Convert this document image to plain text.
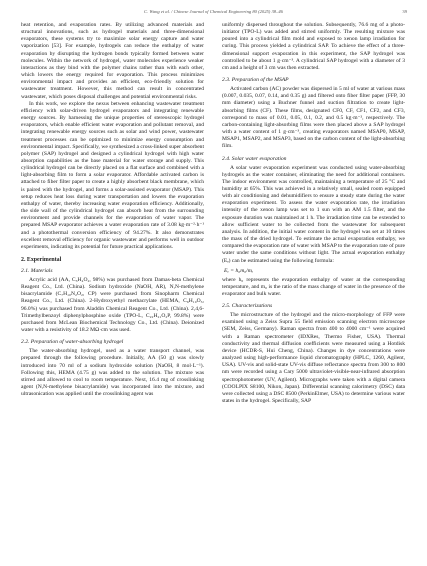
C. Wang et al. / Chinese Journal of Chemical Engineering 80 (2025) 38–46	39

heat retention, and evaporation rates. By utilizing advanced materials and structural innovations, such as hydrogel materials and three-dimensional evaporators, these systems try to maximize solar energy capture and water vaporization [53]. For example, hydrogels can reduce the enthalpy of water evaporation by disrupting the hydrogen bonds typically formed between water molecules. Within the network of hydrogel, water molecules experience weaker interactions as they bind with the polymer chains rather than with each other, which lowers the energy required for evaporation. This process minimizes environmental impact and provides an efficient, eco-friendly solution for wastewater treatment. However, this method can result in concentrated wastewater, which poses disposal challenges and potential environmental risks.

In this work, we explore the nexus between enhancing wastewater treatment efficiency with solar-driven hydrogel evaporators and integrating renewable energy sources. By harnessing the unique properties of stereoscopic hydrogel evaporators, which enable efficient water evaporation and pollutant removal, and integrating renewable energy sources such as solar and wind power, wastewater treatment processes can be optimized to minimize energy consumption and environmental impact. Specifically, we synthesized a cross-linked super absorbent polymer (SAP) hydrogel and designed a cylindrical hydrogel with high water absorption capabilities as the base material for water storage and supply. This cylindrical hydrogel can be directly placed on a flat surface and combined with a light-absorbing film to form a solar evaporator. Affordable activated carbon is attached to fiber filter paper to create a highly absorbent black membrane, which is paired with the hydrogel, and forms a solar-assisted evaporator (MSAP). This setup reduces heat loss during water transportation and lowers the evaporation enthalpy of water, thereby increasing water evaporation efficiency. Additionally, the side wall of the cylindrical hydrogel can absorb heat from the surrounding environment and provide channels for the evaporation of water vapor. The prepared MSAP evaporator achieves a water evaporation rate of 3.08 kg·m⁻²·h⁻¹ and a photothermal conversion efficiency of 94.27%. It also demonstrates excellent removal efficiency for organic wastewater and performs well in outdoor experiments, indicating its potential for future practical applications.

2. Experimental
2.1. Materials

Acrylic acid (AA, C₃H₄O₂, 98%) was purchased from Damas-beta Chemical Reagent Co., Ltd. (China). Sodium hydroxide (NaOH, AR), N,N-methylene bisacrylamide (C₇H₁₀N₂O₂, CP) were purchased from Sinopharm Chemical Reagent Co., Ltd. (China). 2-Hydroxyethyl methacrylate (HEMA, C₆H₁₀O₃, 96.0%) was purchased from Aladdin Chemical Reagent Co., Ltd. (China). 2,4,6-Trimethylbenzoyl diphenylphosphine oxide (TPO-L, C₂₂H₂₁O₂P, 99.8%) were purchased from McLean Biochemical Technology Co., Ltd. (China). Deionized water with a resistivity of 18.2 MΩ·cm was used.

2.2. Preparation of water-absorbing hydrogel

The water-absorbing hydrogel, used as a water transport channel, was prepared through the following procedure. Initially, AA (50 g) was slowly introduced into 70 ml of a sodium hydroxide solution (NaOH, 8 mol·L⁻¹). Following this, HEMA (4.75 g) was added to the solution. The mixture was stirred and allowed to cool to room temperature. Next, 16.4 mg of crosslinking agent (N,N-methylene bisacrylamide) was incorporated into the mixture, and ultrasonication was applied until the crosslinking agent was

uniformly dispersed throughout the solution. Subsequently, 76.6 mg of a photo-initiator (TPO-L) was added and stirred uniformly. The resulting mixture was poured into a cylindrical film mold and exposed to xenon lamp irradiation for curing. This process yielded a cylindrical SAP. To achieve the effect of a three-dimensional support evaporation in this experiment, the SAP hydrogel was controlled to be about 1 g·cm⁻³. A cylindrical SAP hydrogel with a diameter of 3 cm and a height of 3 cm was then extracted.

2.3. Preparation of the MSAP

Activated carbon (AC) powder was dispersed in 5 ml of water at various mass (0.007, 0.035, 0.07, 0.14, and 0.35 g) and filtered onto fiber filter paper (FFP, 30 mm diameter) using a Buchner funnel and suction filtration to create light-absorbing films (CF). These films, designated CF0, CF, CF1, CF2, and CF3, correspond to mass of 0.01, 0.05, 0.1, 0.2, and 0.5 kg·m⁻², respectively. The carbon-containing light-absorbing films were then placed above a SAP hydrogel with a water content of 1 g·cm⁻³, creating evaporators named MSAP0, MSAP, MSAP1, MSAP2, and MSAP3, based on the carbon content of the light-absorbing film.

2.4. Solar water evaporation

A solar water evaporation experiment was conducted using water-absorbing hydrogels as the water container, eliminating the need for additional containers. The indoor environment was controlled, maintaining a temperature of 25 °C and humidity at 65%. This was achieved in a relatively small, sealed room equipped with air conditioning and dehumidifiers to ensure a steady state during the water evaporation experiment. To assess the water evaporation rate, the irradiation intensity of the xenon lamp was set to 1 sun with an AM 1.5 filter, and the exposure duration was maintained at 1 h. The irradiation time can be extended to allow sufficient water to be collected from the wastewater for subsequent analysis. In addition, the initial water content in the hydrogel was set at 10 times the mass of the dried hydrogel. To estimate the actual evaporation enthalpy, we compared the evaporation rate of water with MSAP to the evaporation rate of pure water under the same conditions without light. The actual evaporation enthalpy (Eₑ) can be estimated using the following formula:

Eₑ = h₀m₀/mₑ

where h₀ represents the evaporation enthalpy of water at the corresponding temperature, and m₀ is the ratio of the mass change of water in the presence of the evaporator and bulk water.

2.5. Characterizations

The microstructure of the hydrogel and the micro-morphology of FFP were examined using a Zeiss Supra 55 field emission scanning electron microscope (SEM, Zeiss, Germany). Raman spectra from 400 to 4000 cm⁻¹ were acquired with a Raman spectrometer (IDXRes, Thermo Fisher, USA). Thermal conductivity and thermal diffusion coefficients were measured using a Hotdisk device (HCDR-S, Hui Cheng, China). Changes in dye concentrations were analyzed using high-performance liquid chromatography (HPLC, 1260, Agilent, USA). UV-vis and solid-state UV-vis diffuse reflectance spectra from 300 to 800 nm were recorded using a Cary 5000 ultraviolet-visible-near-infrared absorption spectrophotometer (UV, Agilent). Micrographs were taken with a digital camera (COOLPIX S8100, Nikon, Japan). Differential scanning calorimetry (DSC) data were collected using a DSC 8500 (PerkinElmer, USA) to determine various water states in the hydrogel. Specifically, SAP
